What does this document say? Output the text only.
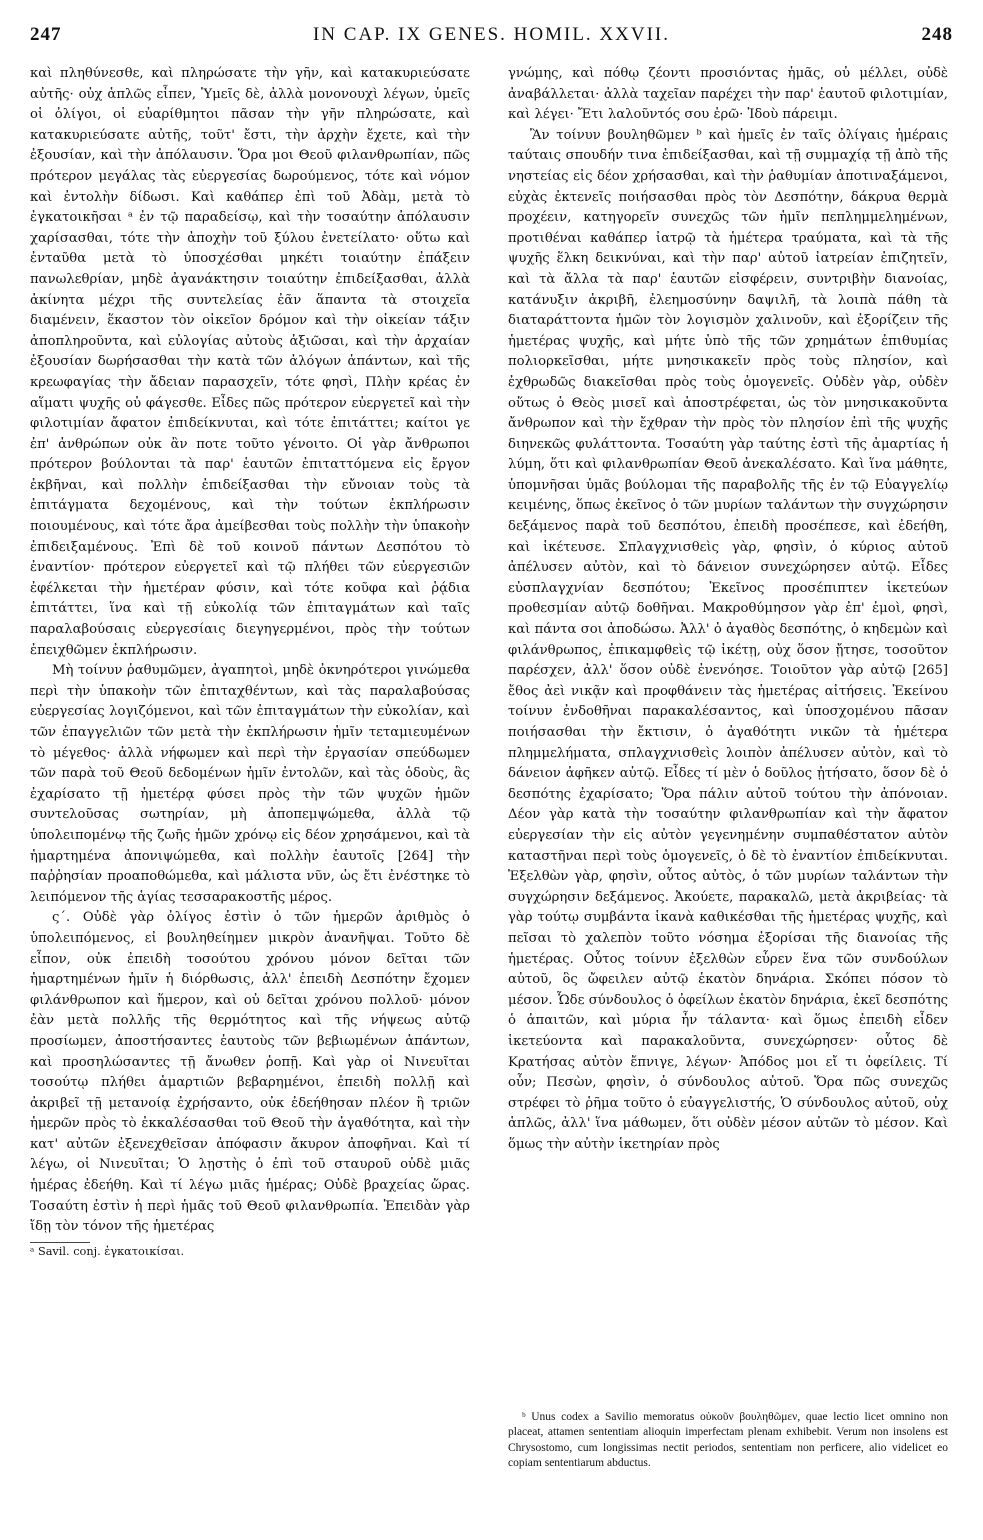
247	IN CAP. IX GENES. HOMIL. XXVII.	248

καὶ πληθύνεσθε, καὶ πληρώσατε τὴν γῆν, καὶ κατακυριεύσατε αὐτῆς· οὐχ ἁπλῶς εἶπεν, Ὑμεῖς δὲ, ἀλλὰ μονονουχὶ λέγων, ὑμεῖς οἱ ὀλίγοι, οἱ εὐαρίθμητοι πᾶσαν τὴν γῆν πληρώσατε, καὶ κατακυριεύσατε αὐτῆς, τοῦτ' ἔστι, τὴν ἀρχὴν ἔχετε, καὶ τὴν ἐξουσίαν, καὶ τὴν ἀπόλαυσιν. Ὅρα μοι Θεοῦ φιλανθρωπίαν, πῶς πρότερον μεγάλας τὰς εὐεργεσίας δωρούμενος, τότε καὶ νόμον καὶ ἐντολὴν δίδωσι. Καὶ καθάπερ ἐπὶ τοῦ Ἀδὰμ, μετὰ τὸ ἐγκατοικῆσαι ᵃ ἐν τῷ παραδείσῳ, καὶ τὴν τοσαύτην ἀπόλαυσιν χαρίσασθαι, τότε τὴν ἀποχὴν τοῦ ξύλου ἐνετείλατο· οὕτω καὶ ἐνταῦθα μετὰ τὸ ὑποσχέσθαι μηκέτι τοιαύτην ἐπάξειν πανωλεθρίαν, μηδὲ ἀγανάκτησιν τοιαύτην ἐπιδείξασθαι, ἀλλὰ ἀκίνητα μέχρι τῆς συντελείας ἐᾶν ἅπαντα τὰ στοιχεῖα διαμένειν, ἕκαστον τὸν οἰκεῖον δρόμον καὶ τὴν οἰκείαν τάξιν ἀποπληροῦντα, καὶ εὐλογίας αὐτοὺς ἀξιῶσαι, καὶ τὴν ἀρχαίαν ἐξουσίαν δωρήσασθαι τὴν κατὰ τῶν ἀλόγων ἁπάντων, καὶ τῆς κρεωφαγίας τὴν ἄδειαν παρασχεῖν, τότε φησὶ, Πλὴν κρέας ἐν αἵματι ψυχῆς οὐ φάγεσθε. Εἶδες πῶς πρότερον εὐεργετεῖ καὶ τὴν φιλοτιμίαν ἄφατον ἐπιδείκνυται, καὶ τότε ἐπιτάττει; καίτοι γε ἐπ' ἀνθρώπων οὐκ ἂν ποτε τοῦτο γένοιτο. Οἱ γὰρ ἄνθρωποι πρότερον βούλονται τὰ παρ' ἑαυτῶν ἐπιταττόμενα εἰς ἔργον ἐκβῆναι, καὶ πολλὴν ἐπιδείξασθαι τὴν εὔνοιαν τοὺς τὰ ἐπιτάγματα δεχομένους, καὶ τὴν τούτων ἐκπλήρωσιν ποιουμένους, καὶ τότε ἄρα ἀμείβεσθαι τοὺς πολλὴν τὴν ὑπακοὴν ἐπιδειξαμένους. Ἐπὶ δὲ τοῦ κοινοῦ πάντων Δεσπότου τὸ ἐναντίον· πρότερον εὐεργετεῖ καὶ τῷ πλήθει τῶν εὐεργεσιῶν ἐφέλκεται τὴν ἡμετέραν φύσιν, καὶ τότε κοῦφα καὶ ῥᾴδια ἐπιτάττει, ἵνα καὶ τῇ εὐκολίᾳ τῶν ἐπιταγμάτων καὶ ταῖς παραλαβούσαις εὐεργεσίαις διεγηγερμένοι, πρὸς τὴν τούτων ἐπειχθῶμεν ἐκπλήρωσιν.

Μὴ τοίνυν ῥαθυμῶμεν, ἀγαπητοὶ, μηδὲ ὀκνηρότεροι γινώμεθα περὶ τὴν ὑπακοὴν τῶν ἐπιταχθέντων, καὶ τὰς παραλαβούσας εὐεργεσίας λογιζόμενοι, καὶ τῶν ἐπιταγμάτων τὴν εὐκολίαν, καὶ τῶν ἐπαγγελιῶν τῶν μετὰ τὴν ἐκπλήρωσιν ἡμῖν τεταμιευμένων τὸ μέγεθος· ἀλλὰ νήφωμεν καὶ περὶ τὴν ἐργασίαν σπεύδωμεν τῶν παρὰ τοῦ Θεοῦ δεδομένων ἡμῖν ἐντολῶν, καὶ τὰς ὁδοὺς, ἃς ἐχαρίσατο τῇ ἡμετέρᾳ φύσει πρὸς τὴν τῶν ψυχῶν ἡμῶν συντελοῦσας σωτηρίαν, μὴ ἀποπεμψώμεθα, ἀλλὰ τῷ ὑπολειπομένῳ τῆς ζωῆς ἡμῶν χρόνῳ εἰς δέον χρησάμενοι, καὶ τὰ ἡμαρτημένα ἀπονιψώμεθα, καὶ πολλὴν ἑαυτοῖς [264] τὴν παῤῥησίαν προαποθώμεθα, καὶ μάλιστα νῦν, ὡς ἔτι ἐνέστηκε τὸ λειπόμενον τῆς ἁγίας τεσσαρακοστῆς μέρος.

ς΄. Οὐδὲ γὰρ ὀλίγος ἐστὶν ὁ τῶν ἡμερῶν ἀριθμὸς ὁ ὑπολειπόμενος, εἰ βουληθείημεν μικρὸν ἀνανῆψαι. Τοῦτο δὲ εἶπον, οὐκ ἐπειδὴ τοσούτου χρόνου μόνον δεῖται τῶν ἡμαρτημένων ἡμῖν ἡ διόρθωσις, ἀλλ' ἐπειδὴ Δεσπότην ἔχομεν φιλάνθρωπον καὶ ἥμερον, καὶ οὐ δεῖται χρόνου πολλοῦ· μόνον ἐὰν μετὰ πολλῆς τῆς θερμότητος καὶ τῆς νήψεως αὐτῷ προσίωμεν, ἀποστήσαντες ἑαυτοὺς τῶν βεβιωμένων ἁπάντων, καὶ προσηλώσαντες τῇ ἄνωθεν ῥοπῇ. Καὶ γὰρ οἱ Νινευῖται τοσούτῳ πλήθει ἁμαρτιῶν βεβαρημένοι, ἐπειδὴ πολλῇ καὶ ἀκριβεῖ τῇ μετανοίᾳ ἐχρήσαντο, οὐκ ἐδεήθησαν πλέον ἢ τριῶν ἡμερῶν πρὸς τὸ ἐκκαλέσασθαι τοῦ Θεοῦ τὴν ἀγαθότητα, καὶ τὴν κατ' αὐτῶν ἐξενεχθεῖσαν ἀπόφασιν ἄκυρον ἀποφῆναι. Καὶ τί λέγω, οἱ Νινευῖται; Ὁ λῃστὴς ὁ ἐπὶ τοῦ σταυροῦ οὐδὲ μιᾶς ἡμέρας ἐδεήθη. Καὶ τί λέγω μιᾶς ἡμέρας; Οὐδὲ βραχείας ὥρας. Τοσαύτη ἐστὶν ἡ περὶ ἡμᾶς τοῦ Θεοῦ φιλανθρωπία. Ἐπειδὰν γὰρ ἴδῃ τὸν τόνον τῆς ἡμετέρας

ᵃ Savil. conj. ἐγκατοικίσαι.

γνώμης, καὶ πόθῳ ζέοντι προσιόντας ἡμᾶς, οὐ μέλλει, οὐδὲ ἀναβάλλεται· ἀλλὰ ταχεῖαν παρέχει τὴν παρ' ἑαυτοῦ φιλοτιμίαν, καὶ λέγει· Ἔτι λαλοῦντός σου ἐρῶ· Ἰδοὺ πάρειμι.

Ἂν τοίνυν βουληθῶμεν ᵇ καὶ ἡμεῖς ἐν ταῖς ὀλίγαις ἡμέραις ταύταις σπουδήν τινα ἐπιδείξασθαι, καὶ τῇ συμμαχίᾳ τῇ ἀπὸ τῆς νηστείας εἰς δέον χρήσασθαι, καὶ τὴν ῥαθυμίαν ἀποτιναξάμενοι, εὐχὰς ἐκτενεῖς ποιήσασθαι πρὸς τὸν Δεσπότην, δάκρυα θερμὰ προχέειν, κατηγορεῖν συνεχῶς τῶν ἡμῖν πεπλημμελημένων, προτιθέναι καθάπερ ἰατρῷ τὰ ἡμέτερα τραύματα, καὶ τὰ τῆς ψυχῆς ἕλκη δεικνύναι, καὶ τὴν παρ' αὐτοῦ ἰατρείαν ἐπιζητεῖν, καὶ τὰ ἄλλα τὰ παρ' ἑαυτῶν εἰσφέρειν, συντριβὴν διανοίας, κατάνυξιν ἀκριβῆ, ἐλεημοσύνην δαψιλῆ, τὰ λοιπὰ πάθη τὰ διαταράττοντα ἡμῶν τὸν λογισμὸν χαλινοῦν, καὶ ἐξορίζειν τῆς ἡμετέρας ψυχῆς, καὶ μήτε ὑπὸ τῆς τῶν χρημάτων ἐπιθυμίας πολιορκεῖσθαι, μήτε μνησικακεῖν πρὸς τοὺς πλησίον, καὶ ἐχθρωδῶς διακεῖσθαι πρὸς τοὺς ὁμογενεῖς. Οὐδὲν γὰρ, οὐδὲν οὕτως ὁ Θεὸς μισεῖ καὶ ἀποστρέφεται, ὡς τὸν μνησικακοῦντα ἄνθρωπον καὶ τὴν ἔχθραν τὴν πρὸς τὸν πλησίον ἐπὶ τῆς ψυχῆς διηνεκῶς φυλάττοντα. Τοσαύτη γὰρ ταύτης ἐστὶ τῆς ἁμαρτίας ἡ λύμη, ὅτι καὶ φιλανθρωπίαν Θεοῦ ἀνεκαλέσατο. Καὶ ἵνα μάθητε, ὑπομνῆσαι ὑμᾶς βούλομαι τῆς παραβολῆς τῆς ἐν τῷ Εὐαγγελίῳ κειμένης, ὅπως ἐκεῖνος ὁ τῶν μυρίων ταλάντων τὴν συγχώρησιν δεξάμενος παρὰ τοῦ δεσπότου, ἐπειδὴ προσέπεσε, καὶ ἐδεήθη, καὶ ἱκέτευσε. Σπλαγχνισθεὶς γὰρ, φησὶν, ὁ κύριος αὐτοῦ ἀπέλυσεν αὐτὸν, καὶ τὸ δάνειον συνεχώρησεν αὐτῷ. Εἶδες εὐσπλαγχνίαν δεσπότου; Ἐκεῖνος προσέπιπτεν ἱκετεύων προθεσμίαν αὐτῷ δοθῆναι. Μακροθύμησον γὰρ ἐπ' ἐμοὶ, φησὶ, καὶ πάντα σοι ἀποδώσω. Ἀλλ' ὁ ἀγαθὸς δεσπότης, ὁ κηδεμὼν καὶ φιλάνθρωπος, ἐπικαμφθεὶς τῷ ἱκέτῃ, οὐχ ὅσον ᾔτησε, τοσοῦτον παρέσχεν, ἀλλ' ὅσον οὐδὲ ἐνενόησε. Τοιοῦτον γὰρ αὐτῷ [265] ἔθος ἀεὶ νικᾷν καὶ προφθάνειν τὰς ἡμετέρας αἰτήσεις. Ἐκείνου τοίνυν ἐνδοθῆναι παρακαλέσαντος, καὶ ὑποσχομένου πᾶσαν ποιήσασθαι τὴν ἔκτισιν, ὁ ἀγαθότητι νικῶν τὰ ἡμέτερα πλημμελήματα, σπλαγχνισθεὶς λοιπὸν ἀπέλυσεν αὐτὸν, καὶ τὸ δάνειον ἀφῆκεν αὐτῷ. Εἶδες τί μὲν ὁ δοῦλος ᾐτήσατο, ὅσον δὲ ὁ δεσπότης ἐχαρίσατο; Ὅρα πάλιν αὐτοῦ τούτου τὴν ἀπόνοιαν. Δέον γὰρ κατὰ τὴν τοσαύτην φιλανθρωπίαν καὶ τὴν ἄφατον εὐεργεσίαν τὴν εἰς αὐτὸν γεγενημένην συμπαθέστατον αὐτὸν καταστῆναι περὶ τοὺς ὁμογενεῖς, ὁ δὲ τὸ ἐναντίον ἐπιδείκνυται. Ἐξελθὼν γὰρ, φησὶν, οὗτος αὐτὸς, ὁ τῶν μυρίων ταλάντων τὴν συγχώρησιν δεξάμενος. Ἀκούετε, παρακαλῶ, μετὰ ἀκριβείας· τὰ γὰρ τούτῳ συμβάντα ἱκανὰ καθικέσθαι τῆς ἡμετέρας ψυχῆς, καὶ πεῖσαι τὸ χαλεπὸν τοῦτο νόσημα ἐξορίσαι τῆς διανοίας τῆς ἡμετέρας. Οὗτος τοίνυν ἐξελθὼν εὗρεν ἕνα τῶν συνδούλων αὐτοῦ, ὃς ὤφειλεν αὐτῷ ἑκατὸν δηνάρια. Σκόπει πόσον τὸ μέσον. Ὧδε σύνδουλος ὁ ὀφείλων ἑκατὸν δηνάρια, ἐκεῖ δεσπότης ὁ ἀπαιτῶν, καὶ μύρια ἦν τάλαντα· καὶ ὅμως ἐπειδὴ εἶδεν ἱκετεύοντα καὶ παρακαλοῦντα, συνεχώρησεν· οὗτος δὲ Κρατήσας αὐτὸν ἔπνιγε, λέγων· Ἀπόδος μοι εἴ τι ὀφείλεις. Τί οὖν; Πεσὼν, φησὶν, ὁ σύνδουλος αὐτοῦ. Ὅρα πῶς συνεχῶς στρέφει τὸ ῥῆμα τοῦτο ὁ εὐαγγελιστής, Ὁ σύνδουλος αὐτοῦ, οὐχ ἁπλῶς, ἀλλ' ἵνα μάθωμεν, ὅτι οὐδὲν μέσον αὐτῶν τὸ μέσον. Καὶ ὅμως τὴν αὐτὴν ἱκετηρίαν πρὸς

ᵇ Unus codex a Savilio memoratus οὐκοῦν βουληθῶμεν, quae lectio licet omnino non placeat, attamen sententiam alioquin imperfectam plenam exhibebit. Verum non insolens est Chrysostomo, cum longissimas nectit periodos, sententiam non perficere, alio videlicet eo copiam sententiarum abductus.
